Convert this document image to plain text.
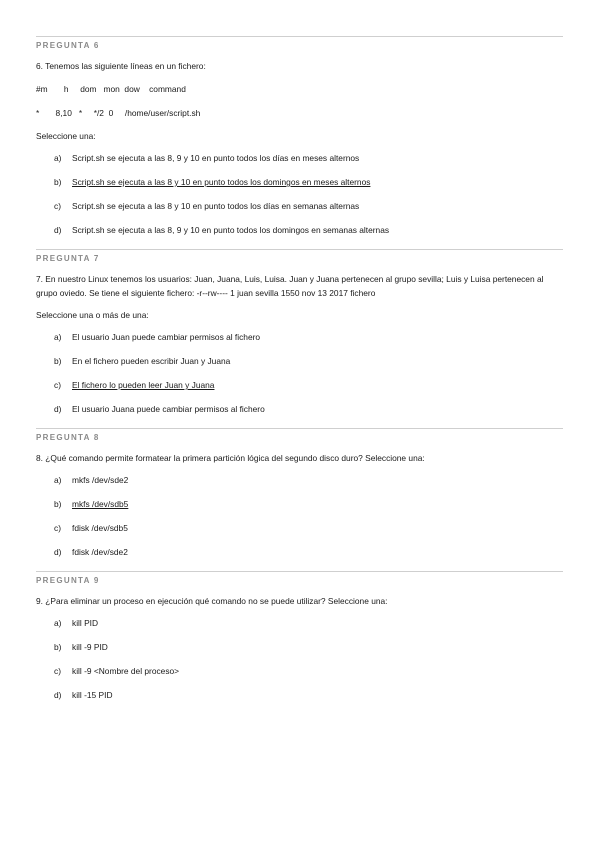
PREGUNTA 6
6. Tenemos las siguiente líneas en un fichero:
#m       h     dom   mon  dow    command
*       8,10   *     */2  0     /home/user/script.sh
Seleccione una:
a)	Script.sh se ejecuta a las 8, 9 y 10 en punto todos los días en meses alternos
b)	Script.sh se ejecuta a las 8 y 10 en punto todos los domingos en meses alternos
c)	Script.sh se ejecuta a las 8 y 10 en punto todos los días en semanas alternas
d)	Script.sh se ejecuta a las 8, 9 y 10 en punto todos los domingos en semanas alternas
PREGUNTA 7
7. En nuestro Linux tenemos los usuarios: Juan, Juana, Luis, Luisa. Juan y Juana pertenecen al grupo sevilla; Luis y Luisa pertenecen al grupo oviedo. Se tiene el siguiente fichero: -r--rw---- 1 juan sevilla 1550 nov 13 2017 fichero
Seleccione una o más de una:
a)	El usuario Juan puede cambiar permisos al fichero
b)	En el fichero pueden escribir Juan y Juana
c)	El fichero lo pueden leer Juan y Juana
d)	El usuario Juana puede cambiar permisos al fichero
PREGUNTA 8
8. ¿Qué comando permite formatear la primera partición lógica del segundo disco duro? Seleccione una:
a)	mkfs /dev/sde2
b)	mkfs /dev/sdb5
c)	fdisk /dev/sdb5
d)	fdisk /dev/sde2
PREGUNTA 9
9. ¿Para eliminar un proceso en ejecución qué comando no se puede utilizar? Seleccione una:
a)	kill PID
b)	kill -9 PID
c)	kill -9 <Nombre del proceso>
d)	kill -15 PID
